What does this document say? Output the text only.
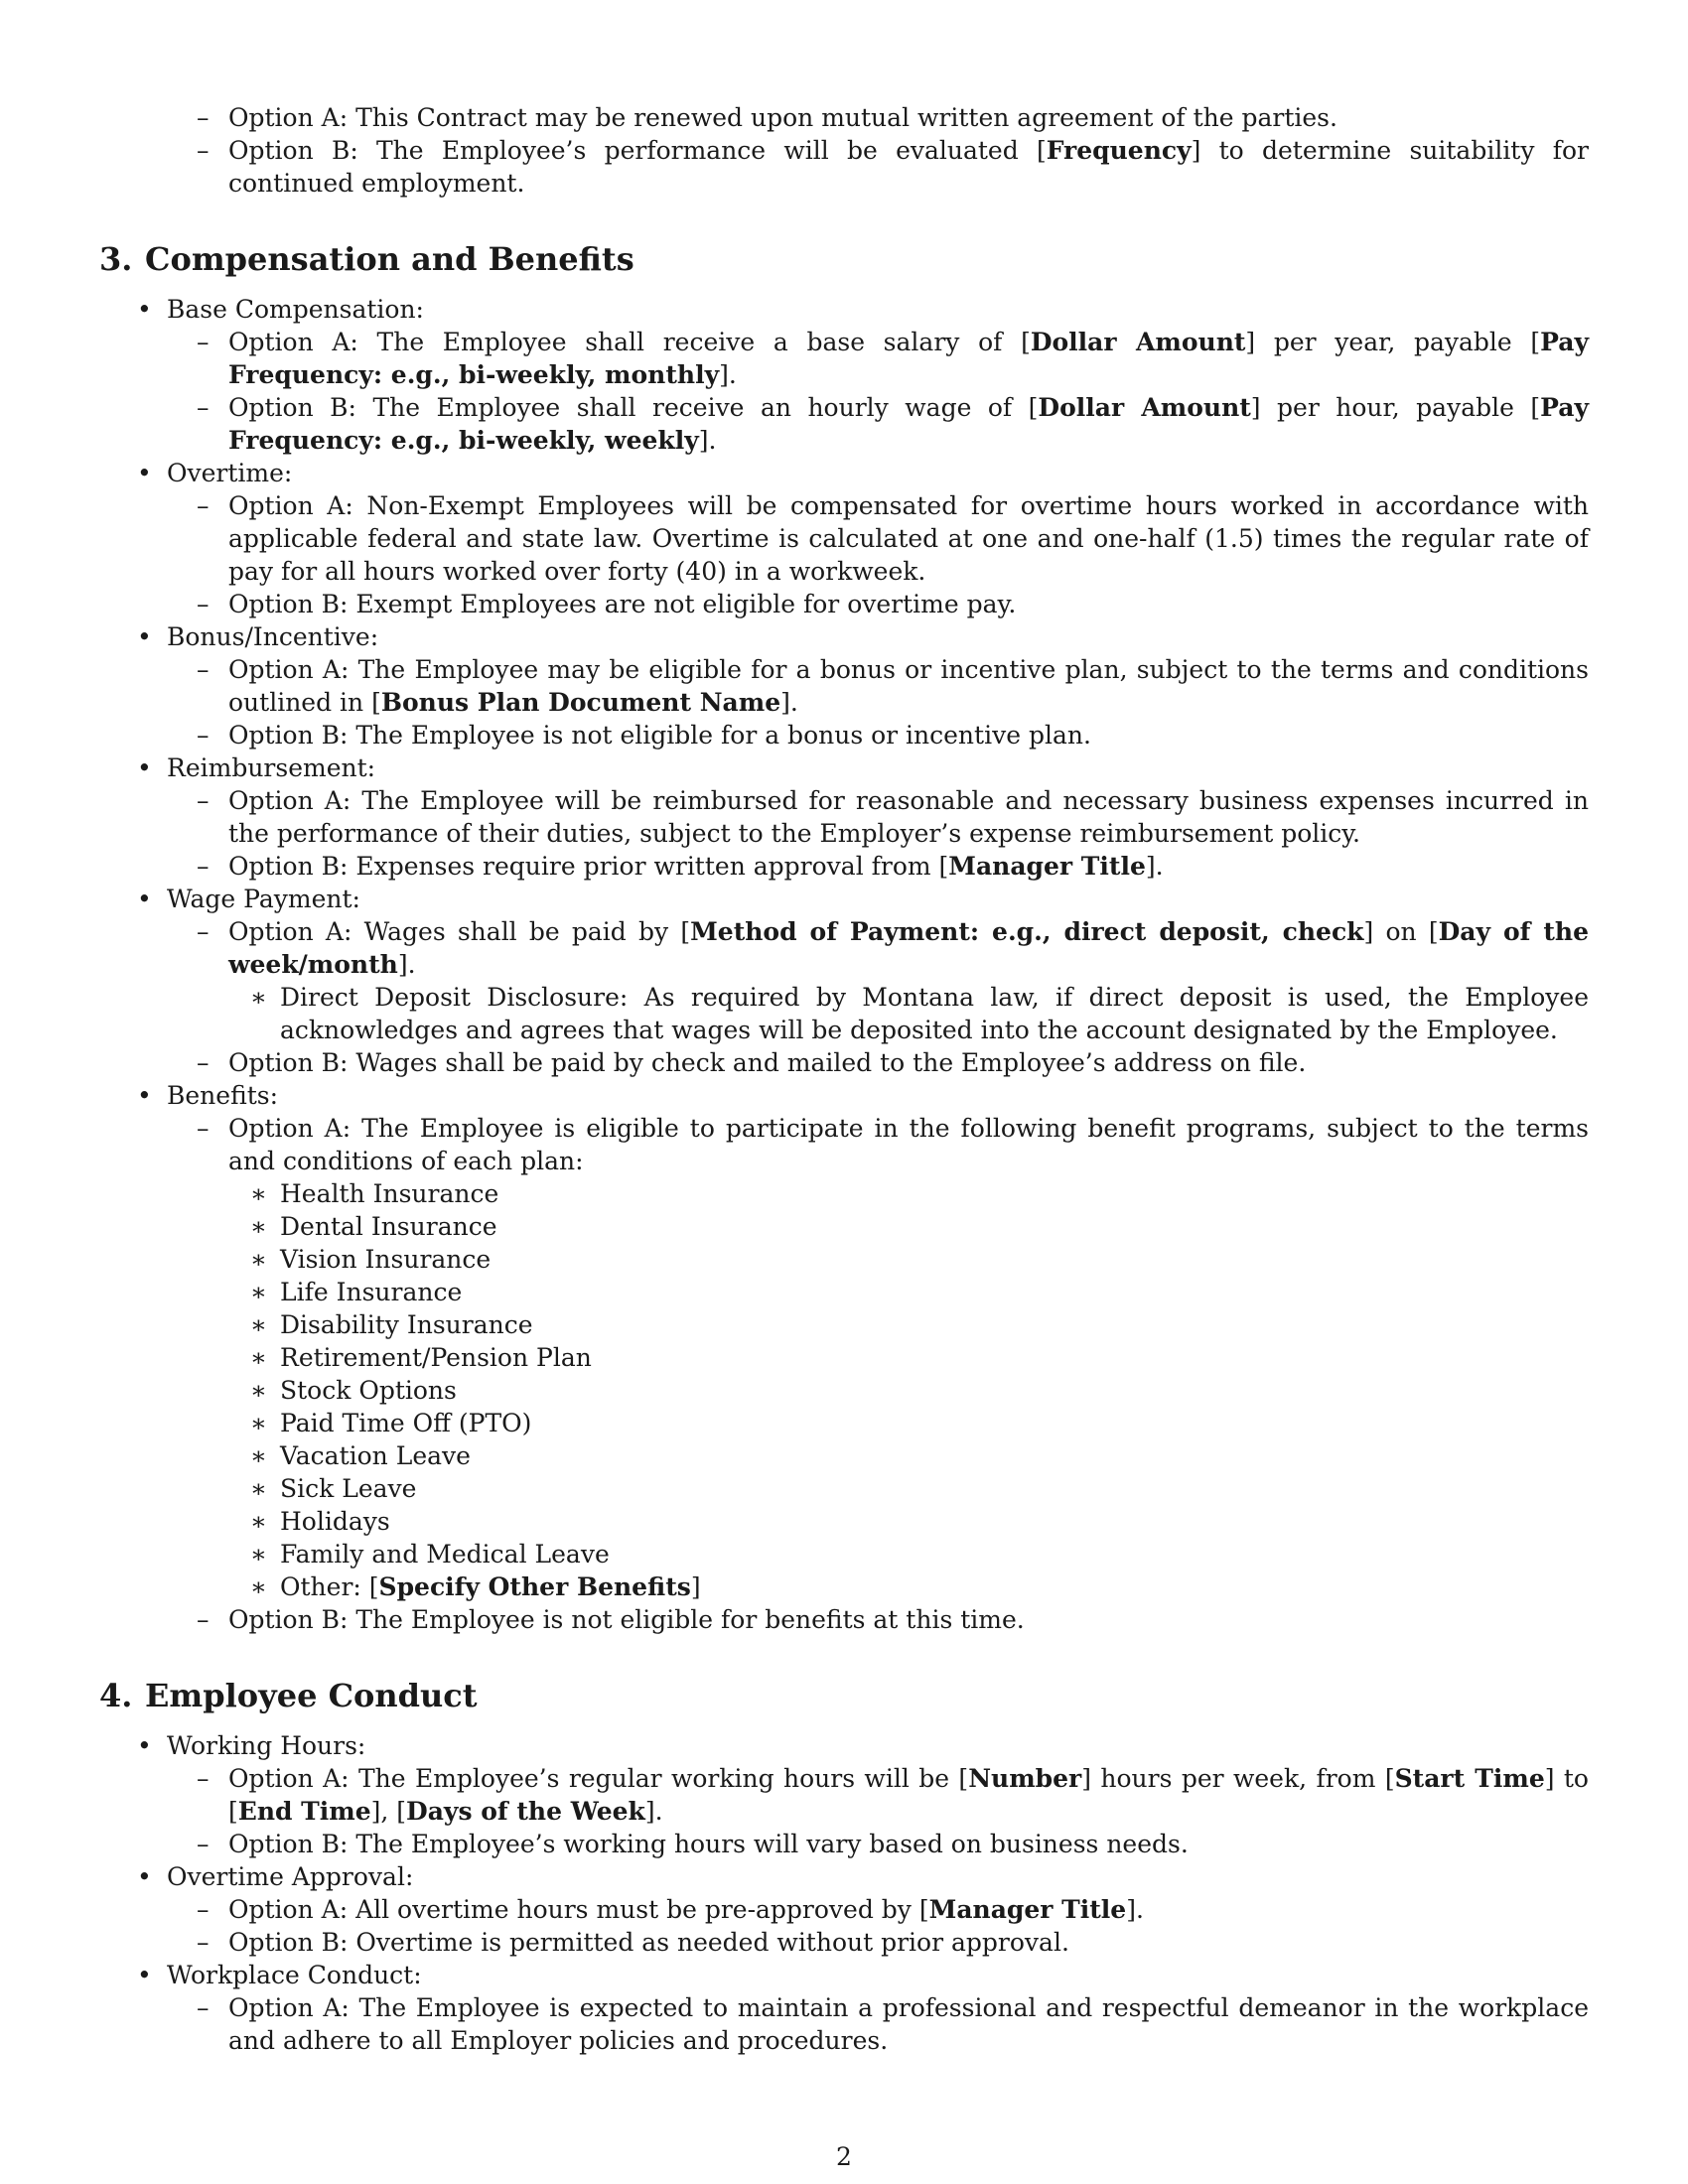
– Option A: This Contract may be renewed upon mutual written agreement of the parties.
– Option B: The Employee’s performance will be evaluated [Frequency] to determine suitability for continued employment.
3. Compensation and Benefits
• Base Compensation:
– Option A: The Employee shall receive a base salary of [Dollar Amount] per year, payable [Pay Frequency: e.g., bi-weekly, monthly].
– Option B: The Employee shall receive an hourly wage of [Dollar Amount] per hour, payable [Pay Frequency: e.g., bi-weekly, weekly].
• Overtime:
– Option A: Non-Exempt Employees will be compensated for overtime hours worked in accordance with applicable federal and state law. Overtime is calculated at one and one-half (1.5) times the regular rate of pay for all hours worked over forty (40) in a workweek.
– Option B: Exempt Employees are not eligible for overtime pay.
• Bonus/Incentive:
– Option A: The Employee may be eligible for a bonus or incentive plan, subject to the terms and conditions outlined in [Bonus Plan Document Name].
– Option B: The Employee is not eligible for a bonus or incentive plan.
• Reimbursement:
– Option A: The Employee will be reimbursed for reasonable and necessary business expenses incurred in the performance of their duties, subject to the Employer’s expense reimbursement policy.
– Option B: Expenses require prior written approval from [Manager Title].
• Wage Payment:
– Option A: Wages shall be paid by [Method of Payment: e.g., direct deposit, check] on [Day of the week/month].
∗ Direct Deposit Disclosure: As required by Montana law, if direct deposit is used, the Employee acknowledges and agrees that wages will be deposited into the account designated by the Employee.
– Option B: Wages shall be paid by check and mailed to the Employee’s address on file.
• Benefits:
– Option A: The Employee is eligible to participate in the following benefit programs, subject to the terms and conditions of each plan:
∗ Health Insurance
∗ Dental Insurance
∗ Vision Insurance
∗ Life Insurance
∗ Disability Insurance
∗ Retirement/Pension Plan
∗ Stock Options
∗ Paid Time Off (PTO)
∗ Vacation Leave
∗ Sick Leave
∗ Holidays
∗ Family and Medical Leave
∗ Other: [Specify Other Benefits]
– Option B: The Employee is not eligible for benefits at this time.
4. Employee Conduct
• Working Hours:
– Option A: The Employee’s regular working hours will be [Number] hours per week, from [Start Time] to [End Time], [Days of the Week].
– Option B: The Employee’s working hours will vary based on business needs.
• Overtime Approval:
– Option A: All overtime hours must be pre-approved by [Manager Title].
– Option B: Overtime is permitted as needed without prior approval.
• Workplace Conduct:
– Option A: The Employee is expected to maintain a professional and respectful demeanor in the workplace and adhere to all Employer policies and procedures.
2
